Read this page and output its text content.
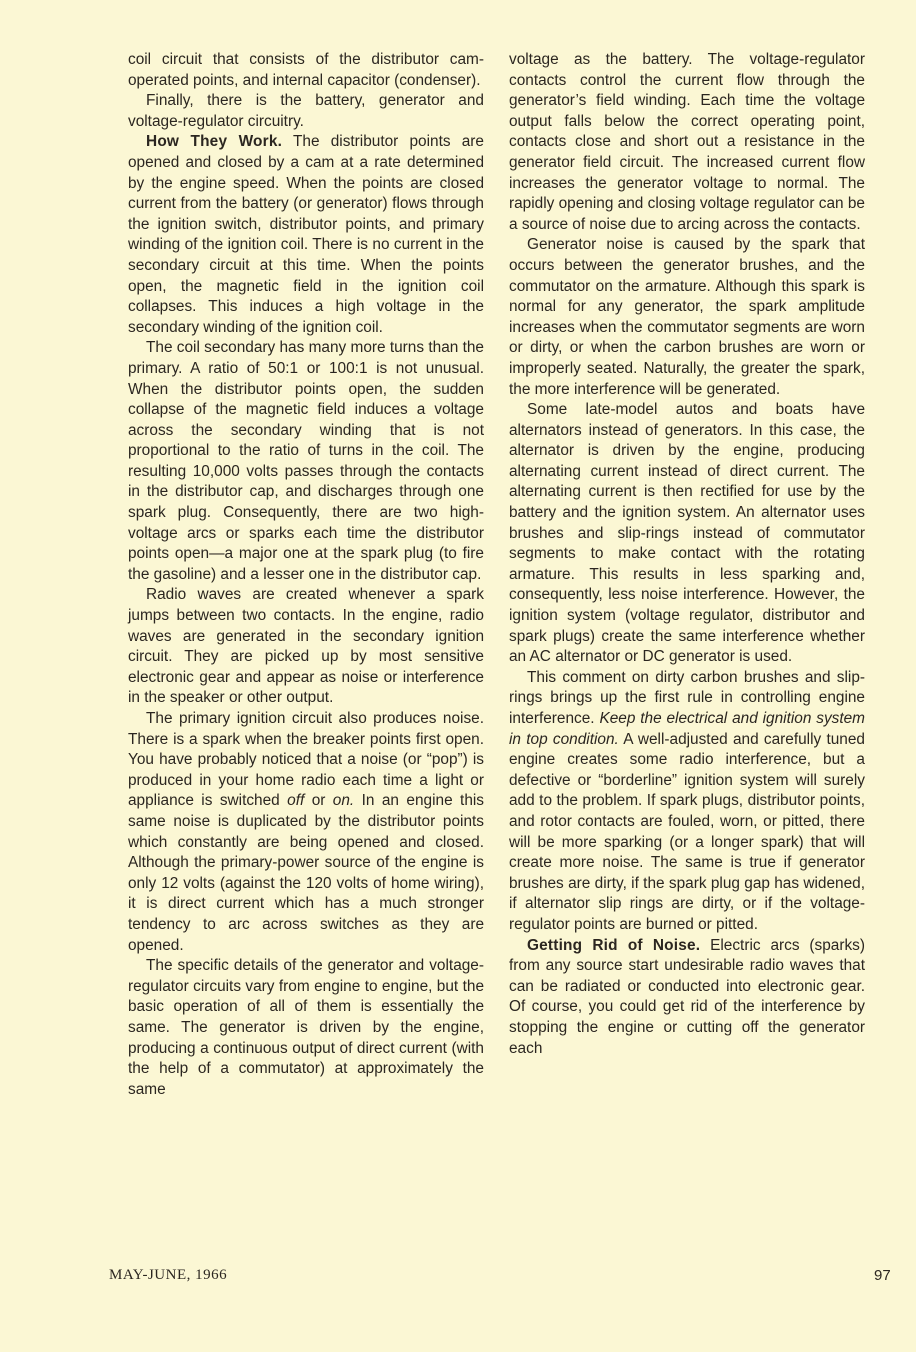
coil circuit that consists of the distributor cam-operated points, and internal capacitor (condenser).

Finally, there is the battery, generator and voltage-regulator circuitry.

How They Work. The distributor points are opened and closed by a cam at a rate determined by the engine speed. When the points are closed current from the battery (or generator) flows through the ignition switch, distributor points, and primary winding of the ignition coil. There is no current in the secondary circuit at this time. When the points open, the magnetic field in the ignition coil collapses. This induces a high voltage in the secondary winding of the ignition coil.

The coil secondary has many more turns than the primary. A ratio of 50:1 or 100:1 is not unusual. When the distributor points open, the sudden collapse of the magnetic field induces a voltage across the secondary winding that is not proportional to the ratio of turns in the coil. The resulting 10,000 volts passes through the contacts in the distributor cap, and discharges through one spark plug. Consequently, there are two high-voltage arcs or sparks each time the distributor points open—a major one at the spark plug (to fire the gasoline) and a lesser one in the distributor cap.

Radio waves are created whenever a spark jumps between two contacts. In the engine, radio waves are generated in the secondary ignition circuit. They are picked up by most sensitive electronic gear and appear as noise or interference in the speaker or other output.

The primary ignition circuit also produces noise. There is a spark when the breaker points first open. You have probably noticed that a noise (or “pop”) is produced in your home radio each time a light or appliance is switched off or on. In an engine this same noise is duplicated by the distributor points which constantly are being opened and closed. Although the primary-power source of the engine is only 12 volts (against the 120 volts of home wiring), it is direct current which has a much stronger tendency to arc across switches as they are opened.

The specific details of the generator and voltage-regulator circuits vary from engine to engine, but the basic operation of all of them is essentially the same. The generator is driven by the engine, producing a continuous output of direct current (with the help of a commutator) at approximately the same

voltage as the battery. The voltage-regulator contacts control the current flow through the generator’s field winding. Each time the voltage output falls below the correct operating point, contacts close and short out a resistance in the generator field circuit. The increased current flow increases the generator voltage to normal. The rapidly opening and closing voltage regulator can be a source of noise due to arcing across the contacts.

Generator noise is caused by the spark that occurs between the generator brushes, and the commutator on the armature. Although this spark is normal for any generator, the spark amplitude increases when the commutator segments are worn or dirty, or when the carbon brushes are worn or improperly seated. Naturally, the greater the spark, the more interference will be generated.

Some late-model autos and boats have alternators instead of generators. In this case, the alternator is driven by the engine, producing alternating current instead of direct current. The alternating current is then rectified for use by the battery and the ignition system. An alternator uses brushes and slip-rings instead of commutator segments to make contact with the rotating armature. This results in less sparking and, consequently, less noise interference. However, the ignition system (voltage regulator, distributor and spark plugs) create the same interference whether an AC alternator or DC generator is used.

This comment on dirty carbon brushes and slip-rings brings up the first rule in controlling engine interference. Keep the electrical and ignition system in top condition. A well-adjusted and carefully tuned engine creates some radio interference, but a defective or “borderline” ignition system will surely add to the problem. If spark plugs, distributor points, and rotor contacts are fouled, worn, or pitted, there will be more sparking (or a longer spark) that will create more noise. The same is true if generator brushes are dirty, if the spark plug gap has widened, if alternator slip rings are dirty, or if the voltage-regulator points are burned or pitted.

Getting Rid of Noise. Electric arcs (sparks) from any source start undesirable radio waves that can be radiated or conducted into electronic gear. Of course, you could get rid of the interference by stopping the engine or cutting off the generator each

MAY-JUNE, 1966	97
